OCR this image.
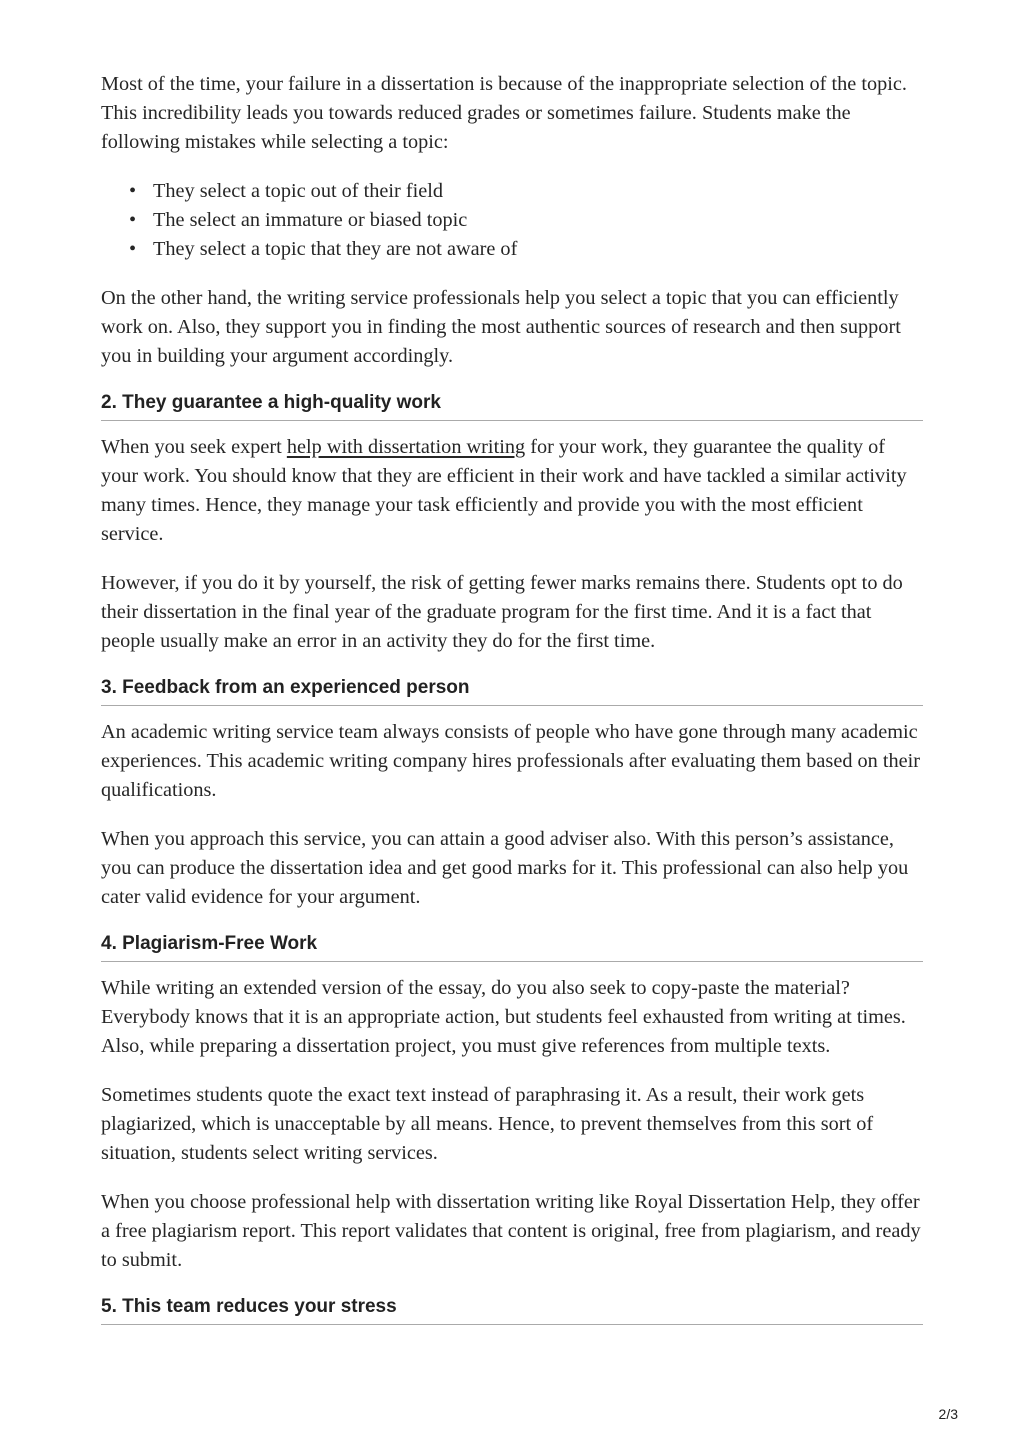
Most of the time, your failure in a dissertation is because of the inappropriate selection of the topic. This incredibility leads you towards reduced grades or sometimes failure. Students make the following mistakes while selecting a topic:

• They select a topic out of their field
• The select an immature or biased topic
• They select a topic that they are not aware of

On the other hand, the writing service professionals help you select a topic that you can efficiently work on. Also, they support you in finding the most authentic sources of research and then support you in building your argument accordingly.

2. They guarantee a high-quality work

When you seek expert help with dissertation writing for your work, they guarantee the quality of your work. You should know that they are efficient in their work and have tackled a similar activity many times. Hence, they manage your task efficiently and provide you with the most efficient service.

However, if you do it by yourself, the risk of getting fewer marks remains there. Students opt to do their dissertation in the final year of the graduate program for the first time. And it is a fact that people usually make an error in an activity they do for the first time.

3. Feedback from an experienced person

An academic writing service team always consists of people who have gone through many academic experiences. This academic writing company hires professionals after evaluating them based on their qualifications.

When you approach this service, you can attain a good adviser also. With this person’s assistance, you can produce the dissertation idea and get good marks for it. This professional can also help you cater valid evidence for your argument.

4. Plagiarism-Free Work

While writing an extended version of the essay, do you also seek to copy-paste the material? Everybody knows that it is an appropriate action, but students feel exhausted from writing at times. Also, while preparing a dissertation project, you must give references from multiple texts.

Sometimes students quote the exact text instead of paraphrasing it. As a result, their work gets plagiarized, which is unacceptable by all means. Hence, to prevent themselves from this sort of situation, students select writing services.

When you choose professional help with dissertation writing like Royal Dissertation Help, they offer a free plagiarism report. This report validates that content is original, free from plagiarism, and ready to submit.

5. This team reduces your stress
2/3
